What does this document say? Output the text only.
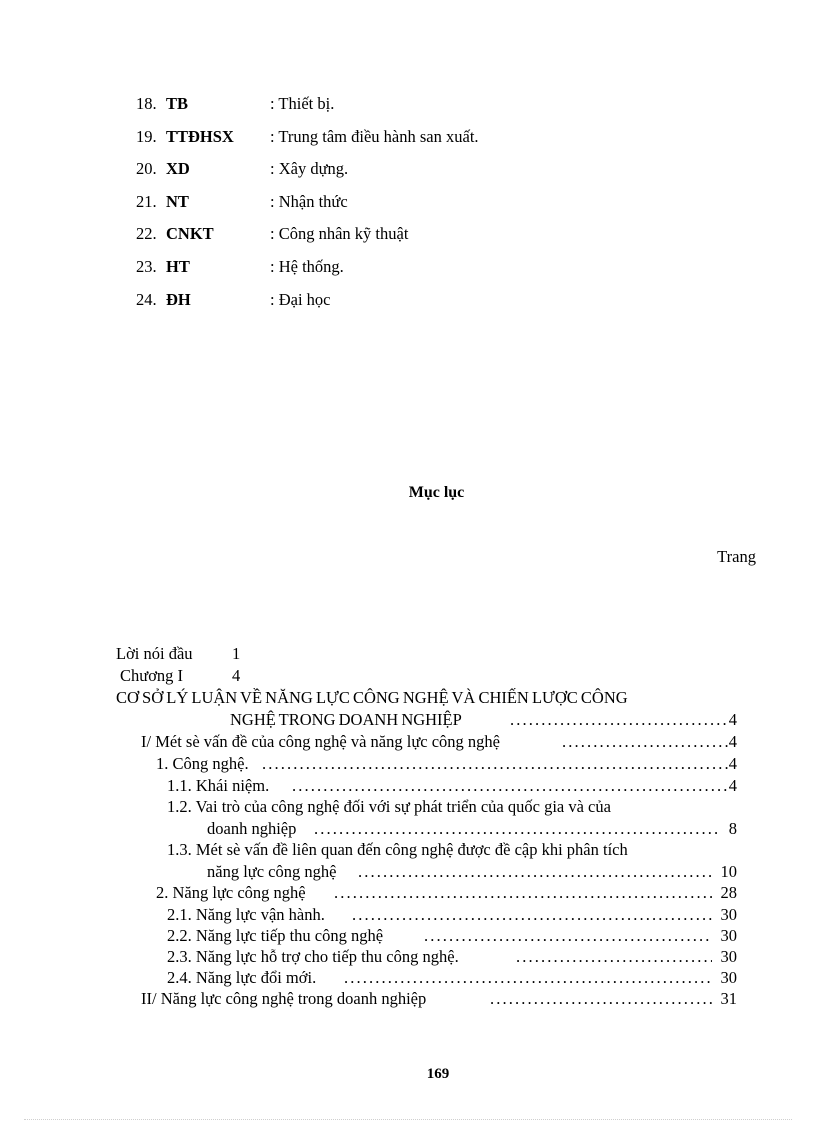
18. TB	: Thiết bị.
19. TTĐHSX	: Trung tâm điều hành san xuất.
20. XD	: Xây dựng.
21. NT	: Nhận thức
22. CNKT	: Công nhân kỹ thuật
23. HT	: Hệ thống.
24. ĐH	: Đại học
Mục lục
Trang
Lời nói đầu 1
Chương I	4
CƠ SỞ LÝ LUẬN VỀ NĂNG LỰC CÔNG NGHỆ VÀ CHIẾN LƯỢC CÔNG
NGHỆ TRONG DOANH NGHIỆP . . .	4
I/ Mét sè vấn đề của công nghệ và năng lực công nghệ . . .	4
1. Công nghệ. . . .	4
1.1. Khái niệm. . . .	4
1.2. Vai trò của công nghệ đối với sự phát triển của quốc gia và của
doanh nghiệp . . .	8
1.3. Mét sè vấn đề liên quan đến công nghệ được đề cập khi phân tích
năng lực công nghệ . . .	10
2. Năng lực công nghệ . . .	28
2.1. Năng lực vận hành. . . .	30
2.2. Năng lực tiếp thu công nghệ . . .	30
2.3. Năng lực hỗ trợ cho tiếp thu công nghệ. . . .	30
2.4. Năng lực đổi mới. . . .	30
II/ Năng lực công nghệ trong doanh nghiệp . . .	31
169
